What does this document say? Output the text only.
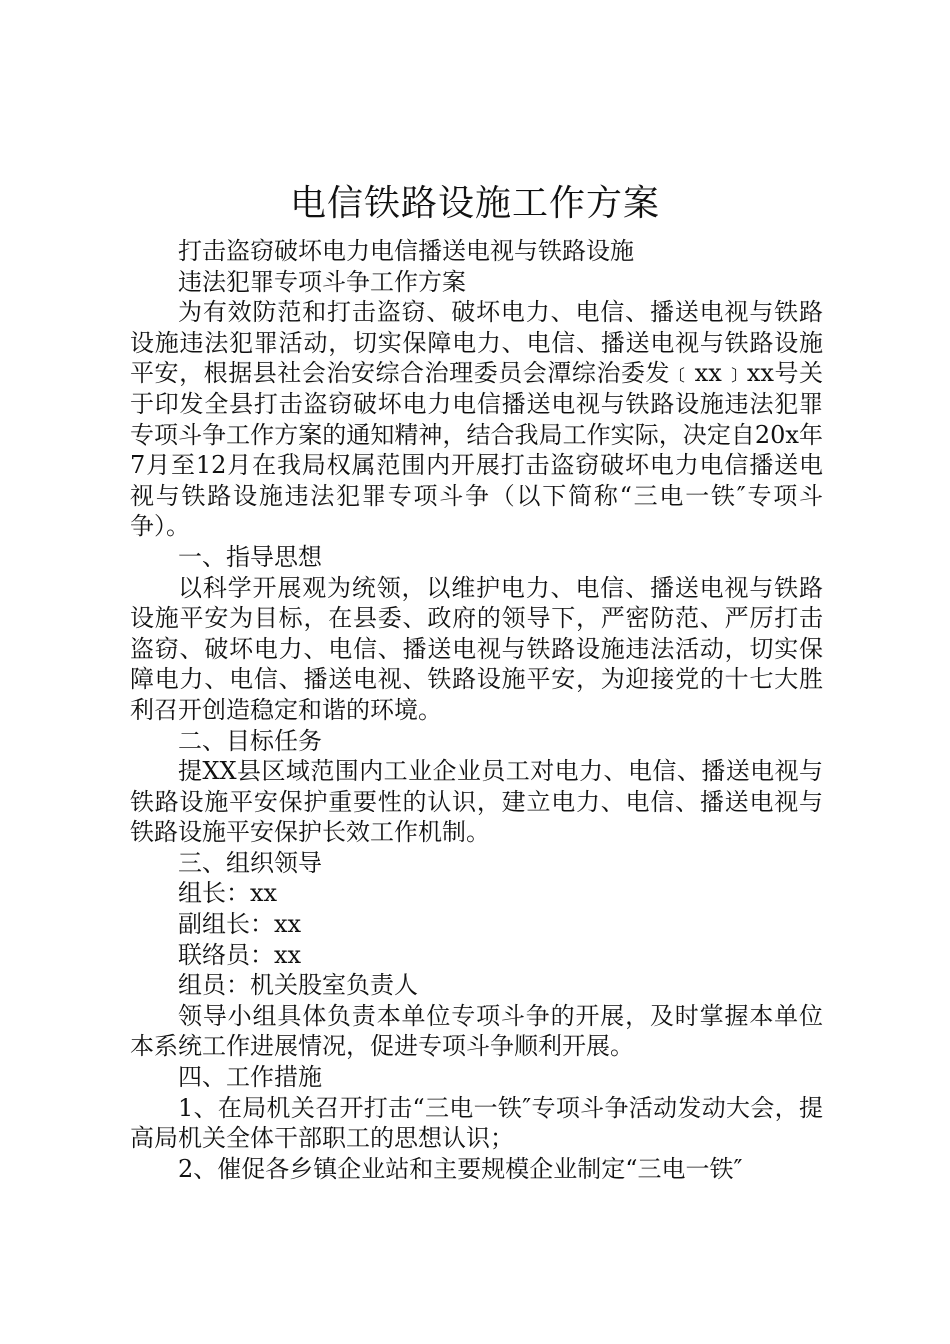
电信铁路设施工作方案

打击盗窃破坏电力电信播送电视与铁路设施

违法犯罪专项斗争工作方案

为有效防范和打击盗窃、破坏电力、电信、播送电视与铁路设施违法犯罪活动，切实保障电力、电信、播送电视与铁路设施平安，根据县社会治安综合治理委员会潭综治委发﹝xx﹞xx号关于印发全县打击盗窃破坏电力电信播送电视与铁路设施违法犯罪专项斗争工作方案的通知精神，结合我局工作实际，决定自20x年7月至12月在我局权属范围内开展打击盗窃破坏电力电信播送电视与铁路设施违法犯罪专项斗争（以下简称“三电一铁″专项斗争）。

一、指导思想

以科学开展观为统领，以维护电力、电信、播送电视与铁路设施平安为目标，在县委、政府的领导下，严密防范、严厉打击盗窃、破坏电力、电信、播送电视与铁路设施违法活动，切实保障电力、电信、播送电视、铁路设施平安，为迎接党的十七大胜利召开创造稳定和谐的环境。

二、目标任务

提XX县区域范围内工业企业员工对电力、电信、播送电视与铁路设施平安保护重要性的认识，建立电力、电信、播送电视与铁路设施平安保护长效工作机制。

三、组织领导

组长：xx

副组长：xx

联络员：xx

组员：机关股室负责人

领导小组具体负责本单位专项斗争的开展，及时掌握本单位本系统工作进展情况，促进专项斗争顺利开展。

四、工作措施

1、在局机关召开打击“三电一铁″专项斗争活动发动大会，提高局机关全体干部职工的思想认识；

2、催促各乡镇企业站和主要规模企业制定“三电一铁″
